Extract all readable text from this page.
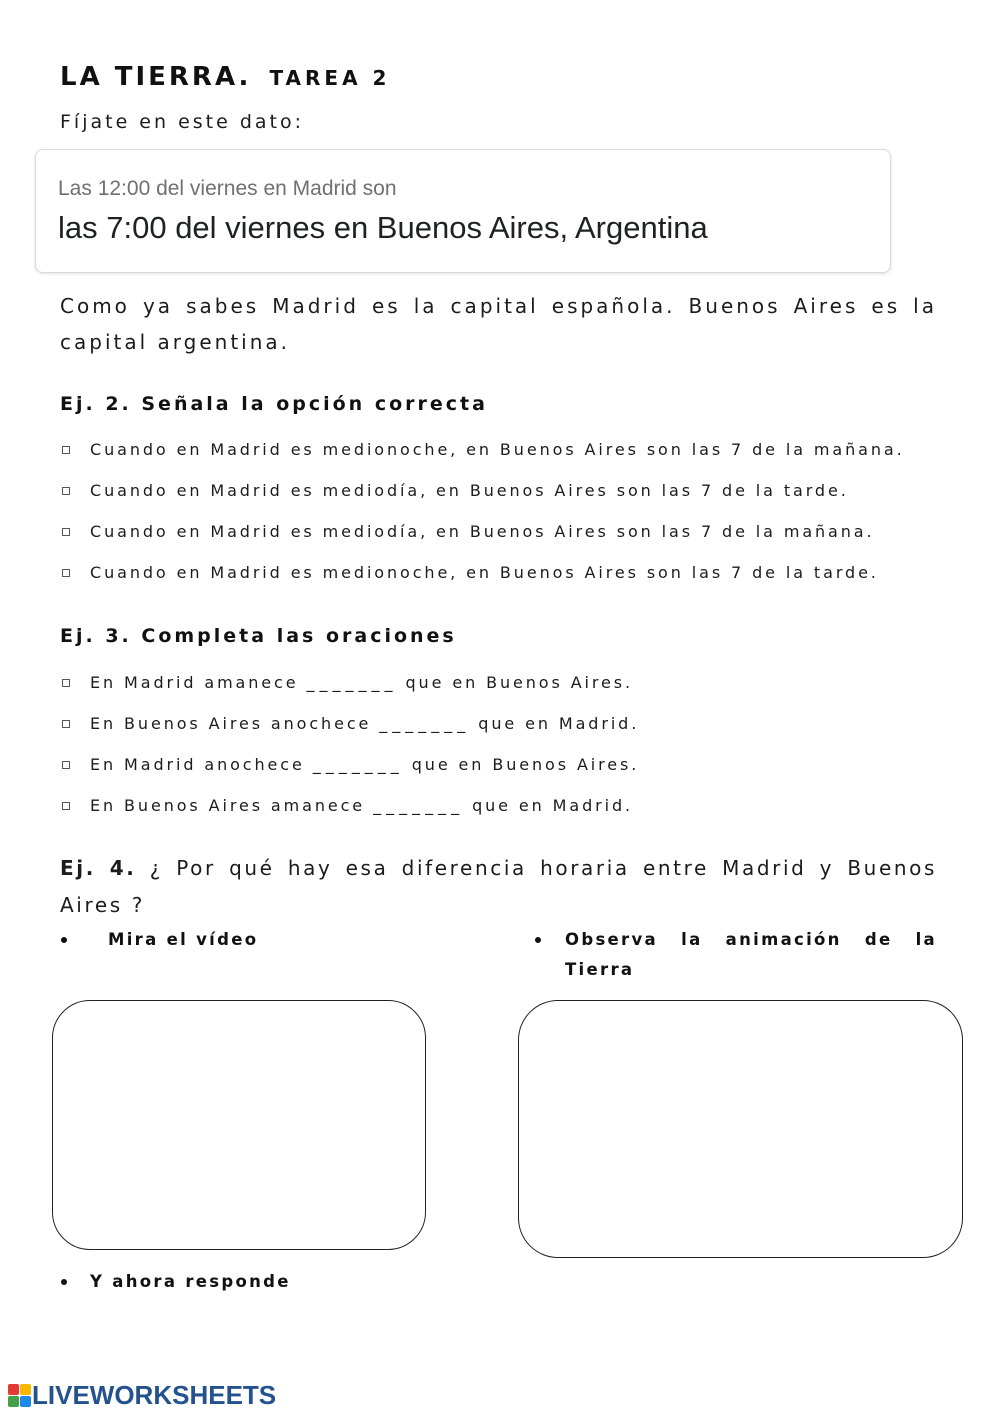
LA TIERRA. TAREA 2
Fíjate en este dato:
Las 12:00 del viernes en Madrid son
las 7:00 del viernes en Buenos Aires, Argentina
Como ya sabes Madrid es la capital española. Buenos Aires es la capital argentina.
Ej. 2. Señala la opción correcta
Cuando en Madrid es medionoche, en Buenos Aires son las 7 de la mañana.
Cuando en Madrid es mediodía, en Buenos Aires son las 7 de la tarde.
Cuando en Madrid es mediodía, en Buenos Aires son las 7 de la mañana.
Cuando en Madrid es medionoche, en Buenos Aires son las 7 de la tarde.
Ej. 3. Completa las oraciones
En Madrid amanece _______ que en Buenos Aires.
En Buenos Aires anochece _______ que en Madrid.
En Madrid anochece _______ que en Buenos Aires.
En Buenos Aires amanece _______ que en Madrid.
Ej. 4. ¿ Por qué hay esa diferencia horaria entre Madrid y Buenos Aires ?
Mira el vídeo	Observa la animación de la Tierra
Y ahora responde
LIVEWORKSHEETS
